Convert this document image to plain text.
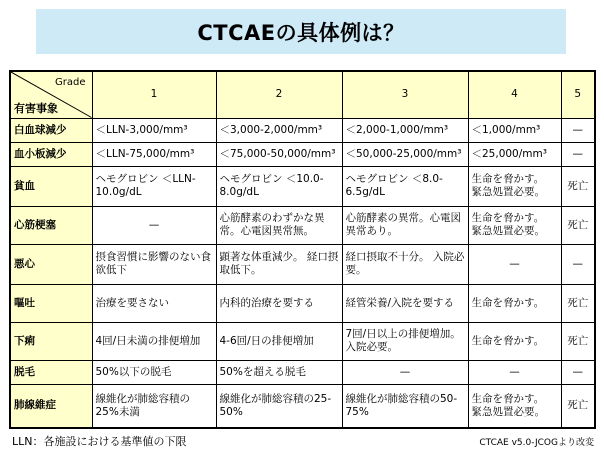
CTCAEの具体例は？
Grade
有害事象	1	2	3	4	5
白血球減少	＜LLN-3,000/mm³	＜3,000-2,000/mm³	＜2,000-1,000/mm³	＜1,000/mm³	—
血小板減少	＜LLN-75,000/mm³	＜75,000-50,000/mm³	＜50,000-25,000/mm³	＜25,000/mm³	—
貧血	ヘモグロビン ＜LLN-10.0g/dL	ヘモグロビン ＜10.0-8.0g/dL	ヘモグロビン ＜8.0-6.5g/dL	生命を脅かす。 緊急処置必要。	死亡
心筋梗塞	—	心筋酵素のわずかな異常。心電図異常無。	心筋酵素の異常。心電図異常あり。	生命を脅かす。 緊急処置必要。	死亡
悪心	摂食習慣に影響のない食欲低下	顕著な体重減少。 経口摂取低下。	経口摂取不十分。 入院必要。	—	—
嘔吐	治療を要さない	内科的治療を要する	経管栄養/入院を要する	生命を脅かす。	死亡
下痢	4回/日未満の排便増加	4-6回/日の排便増加	7回/日以上の排便増加。入院必要。	生命を脅かす。	死亡
脱毛	50%以下の脱毛	50%を超える脱毛	—	—	—
肺線維症	線維化が肺総容積の25%未満	線維化が肺総容積の25-50%	線維化が肺総容積の50-75%	生命を脅かす。 緊急処置必要。	死亡
LLN：各施設における基準値の下限	CTCAE v5.0-JCOGより改変
